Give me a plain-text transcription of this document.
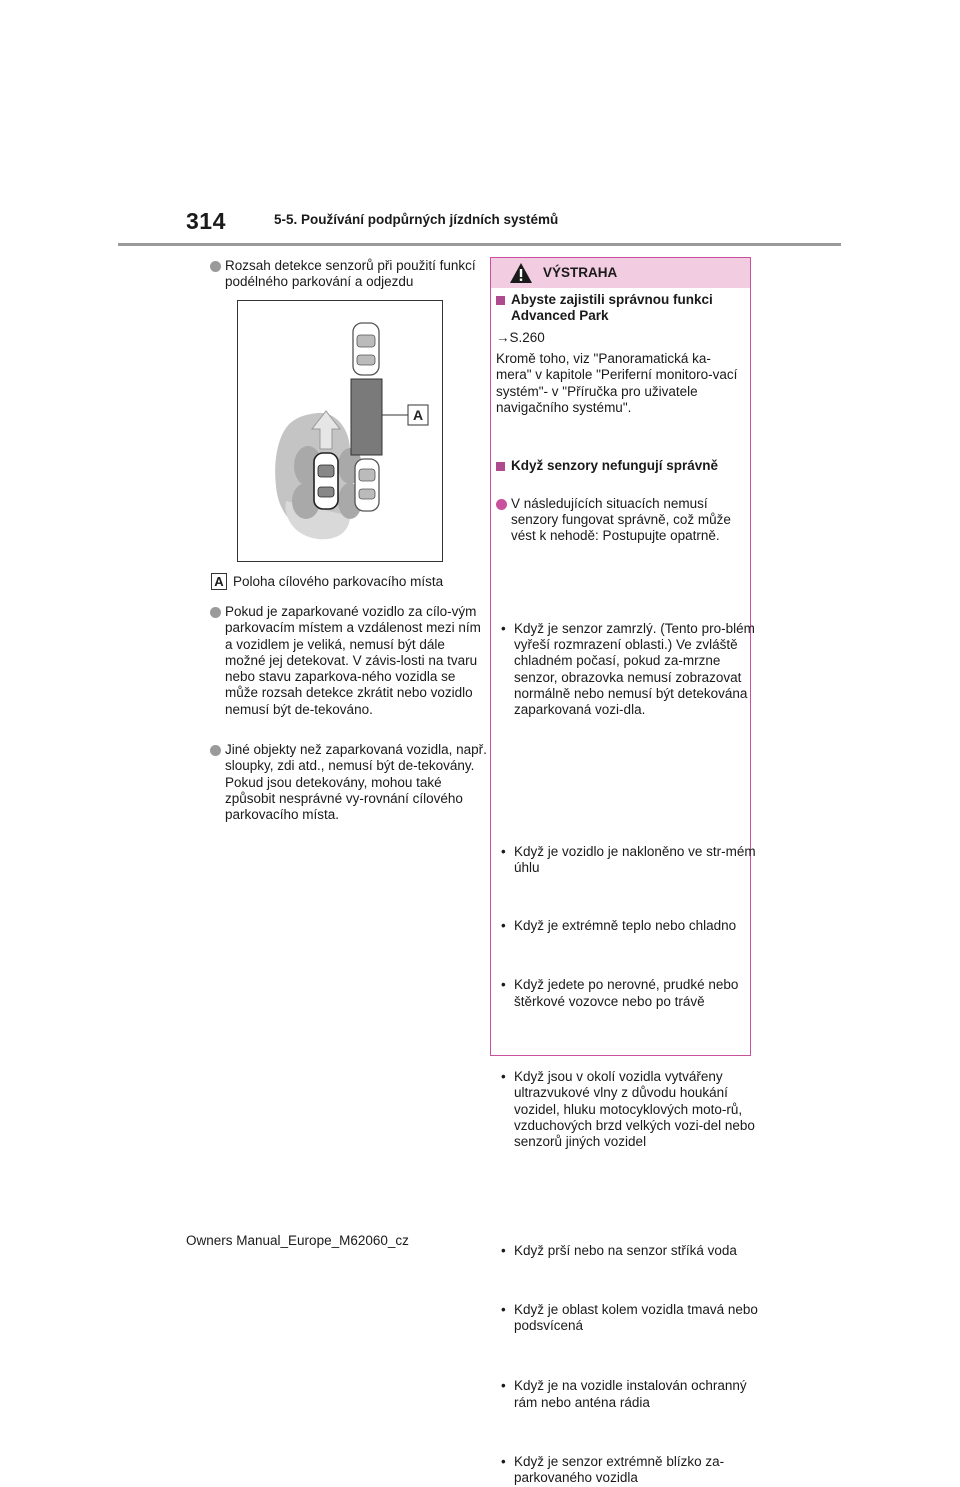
314	5-5. Používání podpůrných jízdních systémů
Rozsah detekce senzorů při použití funkcí podélného parkování a odjezdu
A
A Poloha cílového parkovacího místa
Pokud je zaparkované vozidlo za cílo-vým parkovacím místem a vzdálenost mezi ním a vozidlem je veliká, nemusí být dále možné jej detekovat. V závis-losti na tvaru nebo stavu zaparkova-ného vozidla se může rozsah detekce zkrátit nebo vozidlo nemusí být de-tekováno.
Jiné objekty než zaparkovaná vozidla, např. sloupky, zdi atd., nemusí být de-tekovány. Pokud jsou detekovány, mohou také způsobit nesprávné vy-rovnání cílového parkovacího místa.
VÝSTRAHA
Abyste zajistili správnou funkci Advanced Park
→S.260
Kromě toho, viz "Panoramatická ka-mera" v kapitole "Periferní monitoro-vací systém"- v "Příručka pro uživatele navigačního systému".
Když senzory nefungují správně
V následujících situacích nemusí senzory fungovat správně, což může vést k nehodě: Postupujte opatrně.
• Když je senzor zamrzlý. (Tento pro-blém vyřeší rozmrazení oblasti.) Ve zvláště chladném počasí, pokud za-mrzne senzor, obrazovka nemusí zobrazovat normálně nebo nemusí být detekována zaparkovaná vozi-dla.
• Když je vozidlo je nakloněno ve str-mém úhlu
• Když je extrémně teplo nebo chladno
• Když jedete po nerovné, prudké nebo štěrkové vozovce nebo po trávě
• Když jsou v okolí vozidla vytvářeny ultrazvukové vlny z důvodu houkání vozidel, hluku motocyklových moto-rů, vzduchových brzd velkých vozi-del nebo senzorů jiných vozidel
• Když prší nebo na senzor stříká voda
• Když je oblast kolem vozidla tmavá nebo podsvícená
• Když je na vozidle instalován ochranný rám nebo anténa rádia
• Když je senzor extrémně blízko za-parkovaného vozidla
Owners Manual_Europe_M62060_cz
